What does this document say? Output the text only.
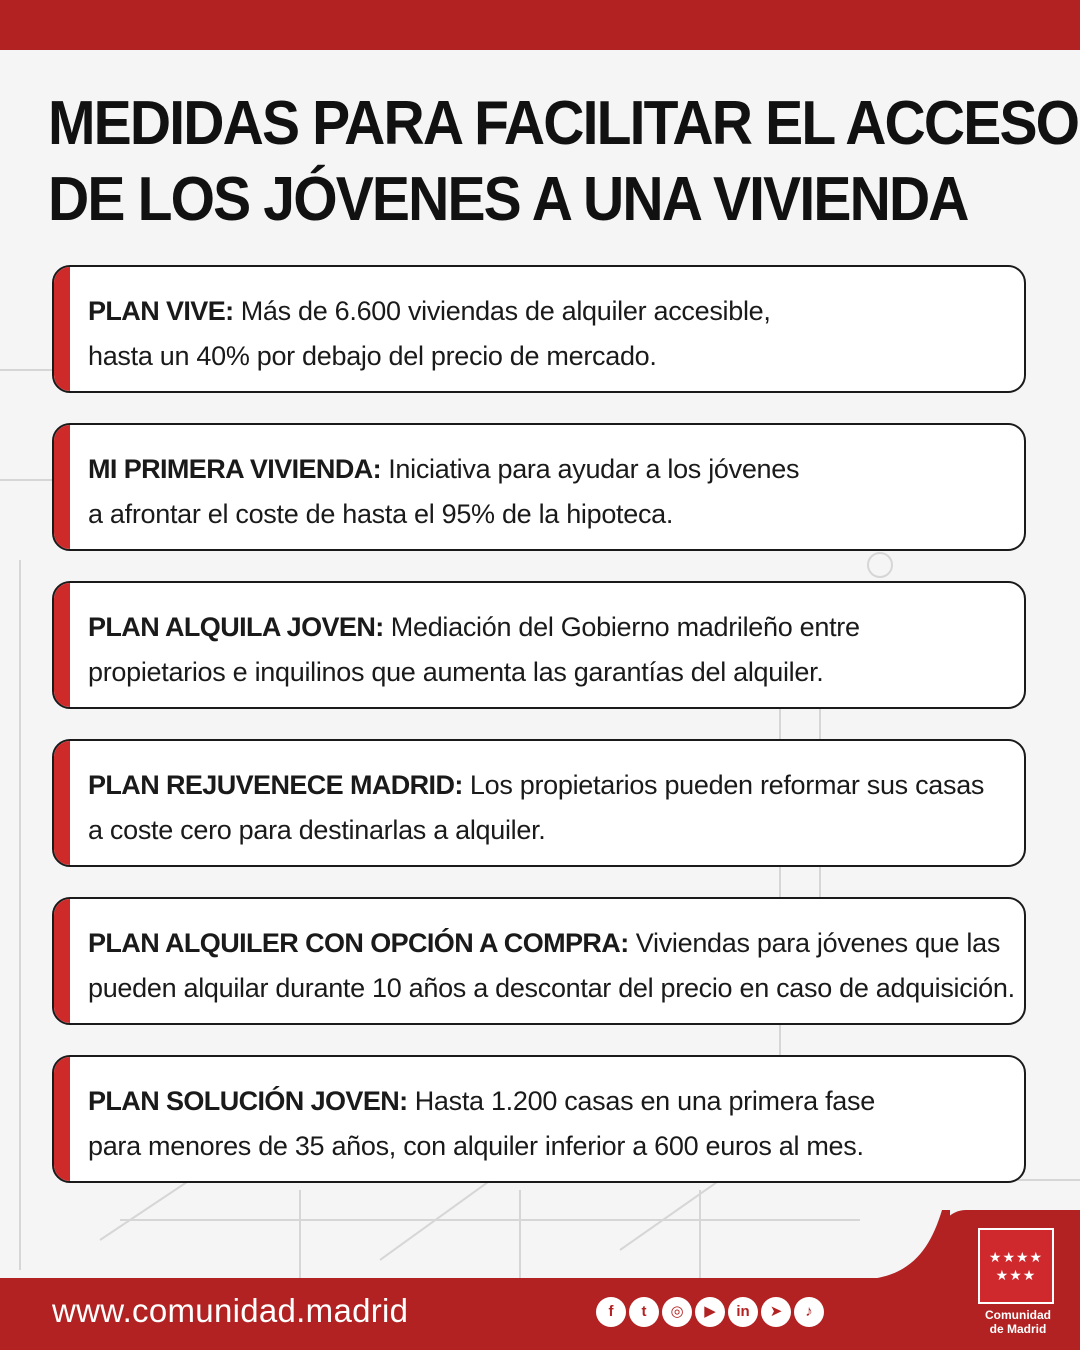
MEDIDAS PARA FACILITAR EL ACCESO
DE LOS JÓVENES A UNA VIVIENDA

PLAN VIVE: Más de 6.600 viviendas de alquiler accesible,
hasta un 40% por debajo del precio de mercado.

MI PRIMERA VIVIENDA: Iniciativa para ayudar a los jóvenes
a afrontar el coste de hasta el 95% de la hipoteca.

PLAN ALQUILA JOVEN: Mediación del Gobierno madrileño entre
propietarios e inquilinos que aumenta las garantías del alquiler.

PLAN REJUVENECE MADRID: Los propietarios pueden reformar sus casas
a coste cero para destinarlas a alquiler.

PLAN ALQUILER CON OPCIÓN A COMPRA: Viviendas para jóvenes que las
pueden alquilar durante 10 años a descontar del precio en caso de adquisición.

PLAN SOLUCIÓN JOVEN: Hasta 1.200 casas en una primera fase
para menores de 35 años, con alquiler inferior a 600 euros al mes.

www.comunidad.madrid	f	t	◎	▶	in	➤	♪
★★★★
★★★
Comunidad
de Madrid
